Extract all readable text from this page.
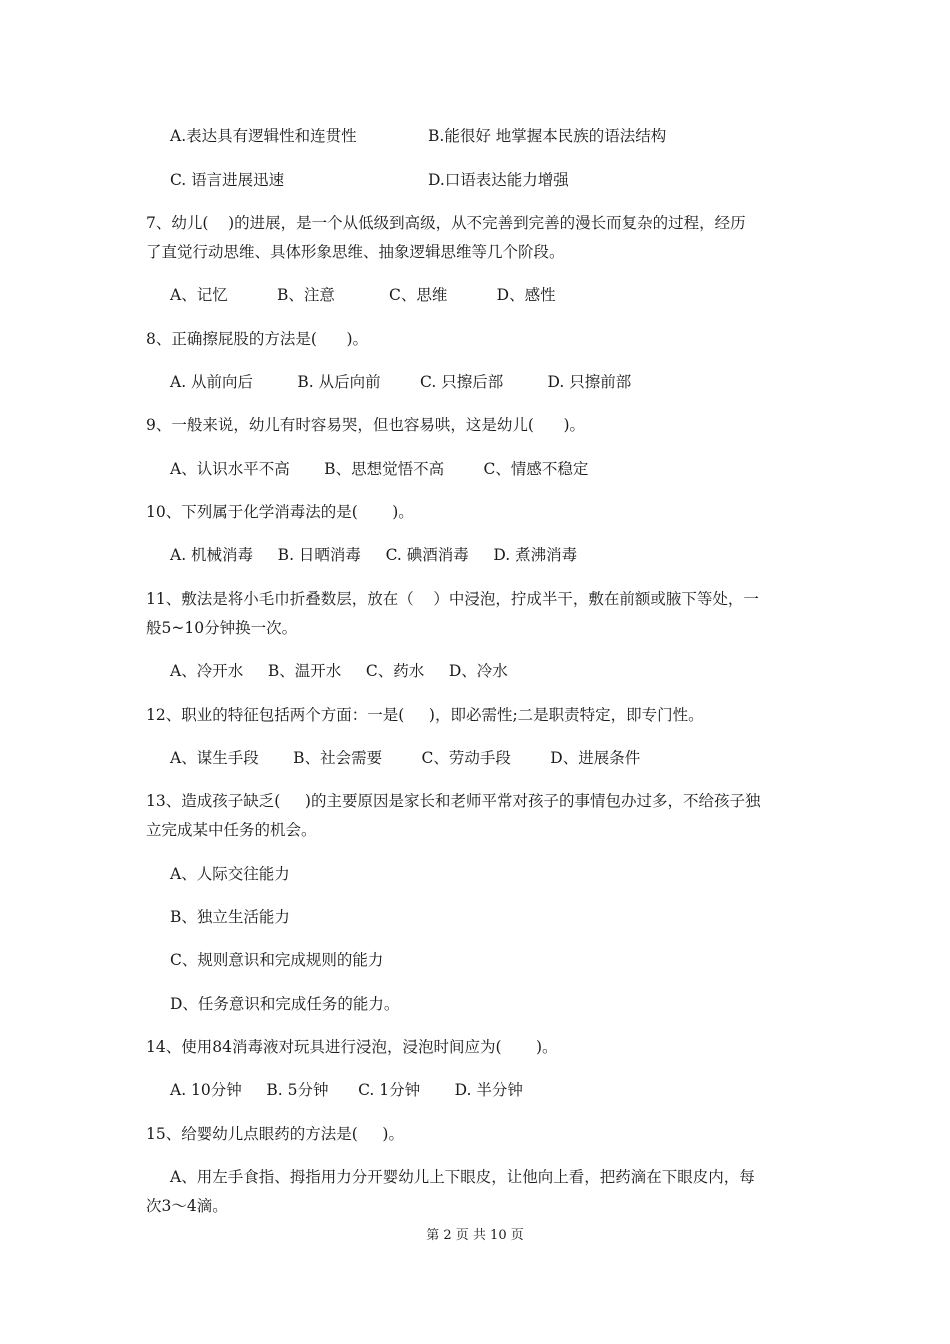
A.表达具有逻辑性和连贯性	B.能很好 地掌握本民族的语法结构
C. 语言进展迅速	D.口语表达能力增强
7、幼儿(    )的进展，是一个从低级到高级，从不完善到完善的漫长而复杂的过程，经历
了直觉行动思维、具体形象思维、抽象逻辑思维等几个阶段。
A、记忆          B、注意           C、思维          D、感性
8、正确擦屁股的方法是(      )。
A. 从前向后         B. 从后向前        C. 只擦后部         D. 只擦前部
9、一般来说，幼儿有时容易哭，但也容易哄，这是幼儿(      )。
A、认识水平不高       B、思想觉悟不高        C、情感不稳定
10、下列属于化学消毒法的是(       )。
A. 机械消毒     B. 日晒消毒     C. 碘酒消毒     D. 煮沸消毒
11、敷法是将小毛巾折叠数层，放在（    ）中浸泡，拧成半干，敷在前额或腋下等处，一
般5~10分钟换一次。
A、冷开水     B、温开水     C、药水     D、冷水
12、职业的特征包括两个方面：一是(     )，即必需性;二是职责特定，即专门性。
A、谋生手段       B、社会需要        C、劳动手段        D、进展条件
13、造成孩子缺乏(     )的主要原因是家长和老师平常对孩子的事情包办过多，不给孩子独
立完成某中任务的机会。
A、人际交往能力
B、独立生活能力
C、规则意识和完成规则的能力
D、任务意识和完成任务的能力。
14、使用84消毒液对玩具进行浸泡，浸泡时间应为(       )。
A. 10分钟     B. 5分钟      C. 1分钟       D. 半分钟
15、给婴幼儿点眼药的方法是(     )。
A、用左手食指、拇指用力分开婴幼儿上下眼皮，让他向上看，把药滴在下眼皮内，每
次3～4滴。
第 2 页 共 10 页
